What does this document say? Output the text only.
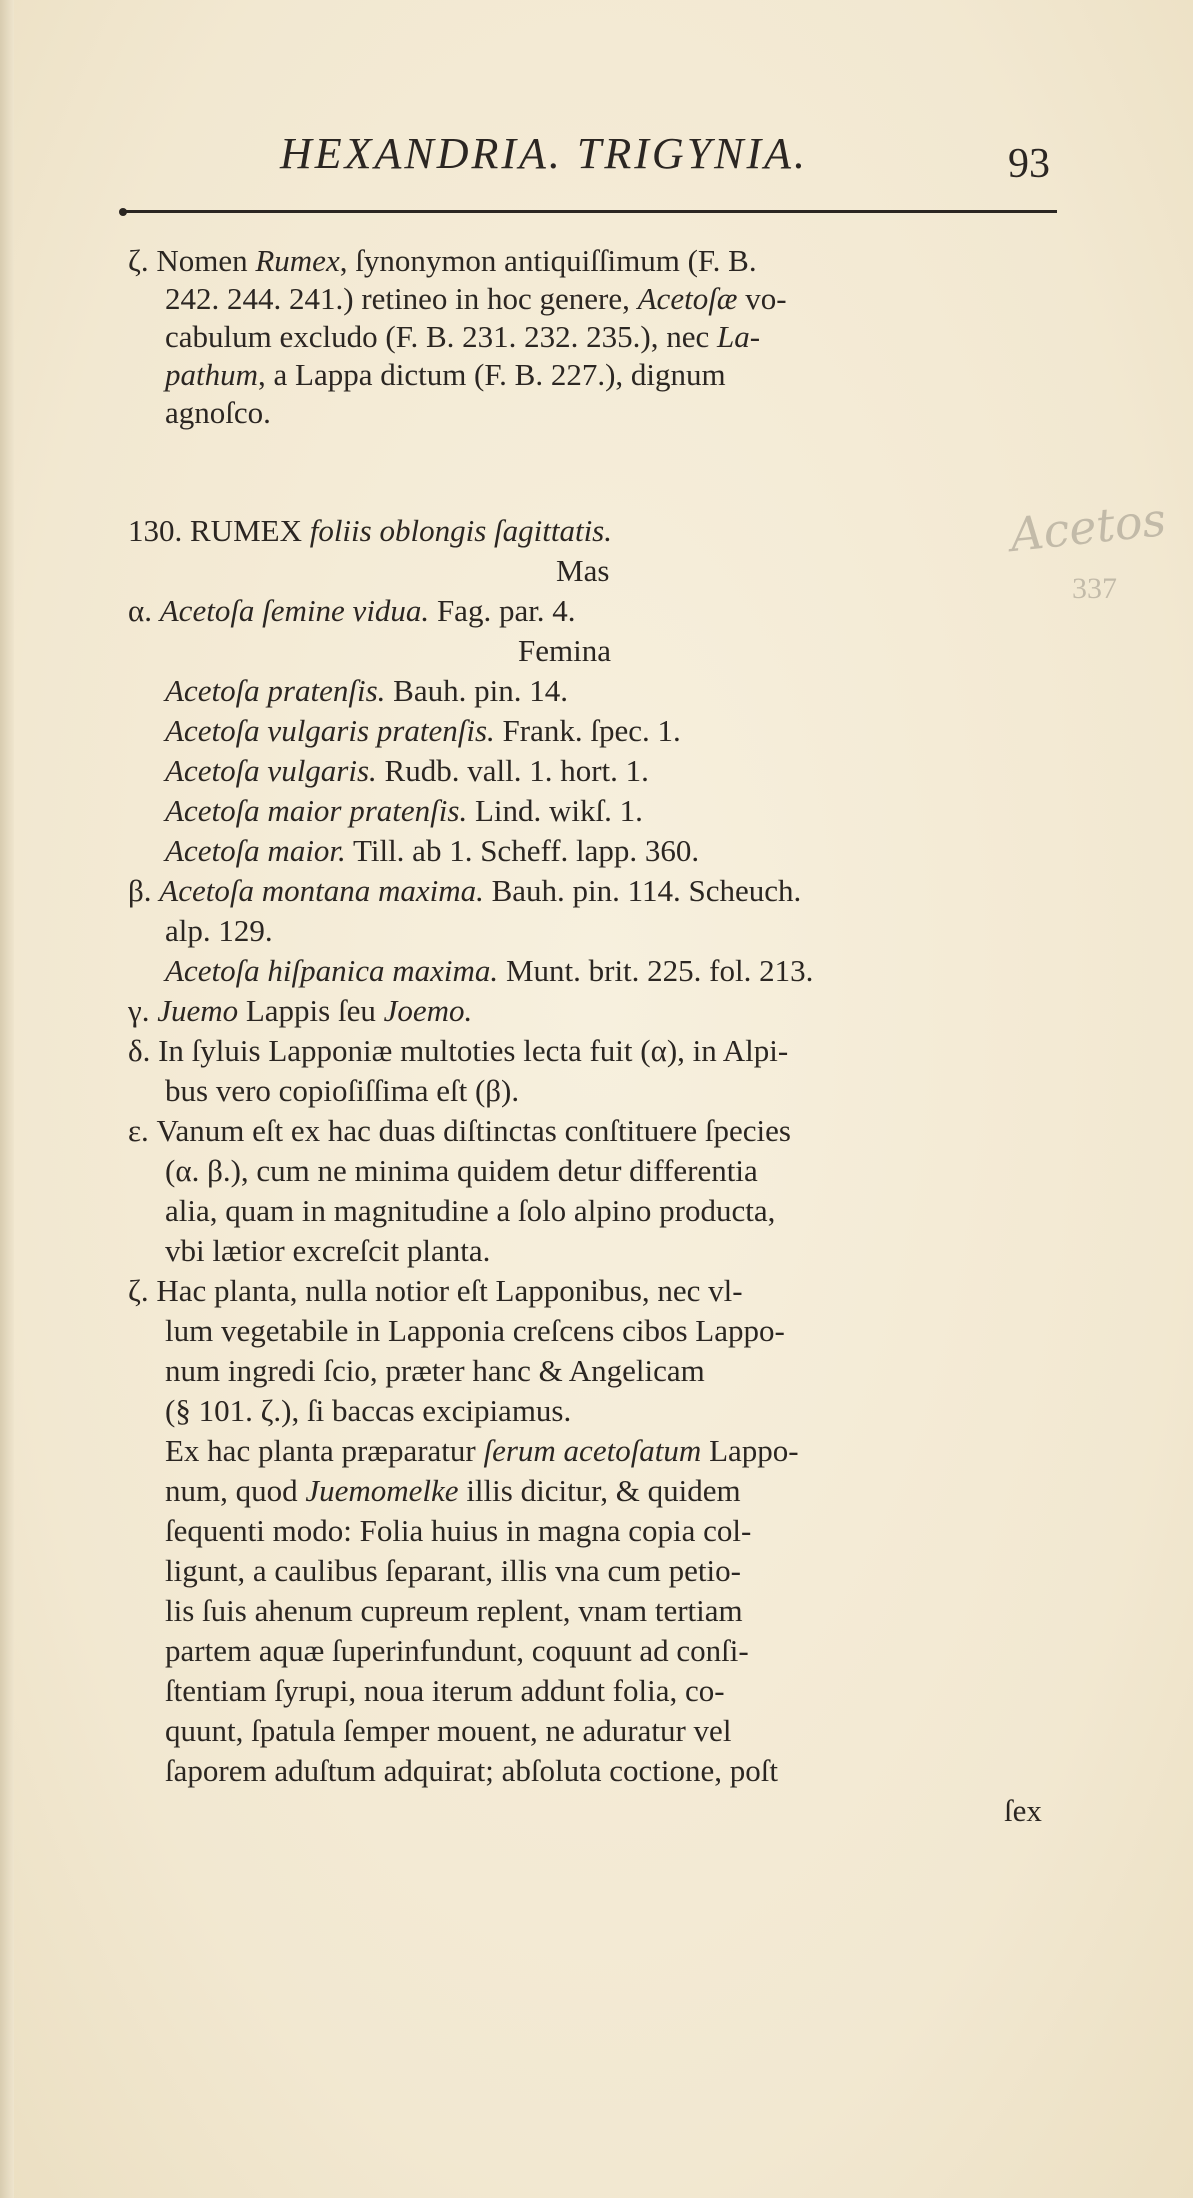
HEXANDRIA. TRIGYNIA.	93
Acetos
337
ζ. Nomen Rumex, ſynonymon antiquiſſimum (F. B.
242. 244. 241.) retineo in hoc genere, Acetoſæ vo-
cabulum excludo (F. B. 231. 232. 235.), nec La-
pathum, a Lappa dictum (F. B. 227.), dignum
agnoſco.
130. RUMEX foliis oblongis ſagittatis.
Mas
α. Acetoſa ſemine vidua. Fag. par. 4.
Femina
Acetoſa pratenſis. Bauh. pin. 14.
Acetoſa vulgaris pratenſis. Frank. ſpec. 1.
Acetoſa vulgaris. Rudb. vall. 1. hort. 1.
Acetoſa maior pratenſis. Lind. wikſ. 1.
Acetoſa maior. Till. ab 1. Scheff. lapp. 360.
β. Acetoſa montana maxima. Bauh. pin. 114. Scheuch.
alp. 129.
Acetoſa hiſpanica maxima. Munt. brit. 225. fol. 213.
γ. Juemo Lappis ſeu Joemo.
δ. In ſyluis Lapponiæ multoties lecta fuit (α), in Alpi-
bus vero copioſiſſima eſt (β).
ε. Vanum eſt ex hac duas diſtinctas conſtituere ſpecies
(α. β.), cum ne minima quidem detur differentia
alia, quam in magnitudine a ſolo alpino producta,
vbi lætior excreſcit planta.
ζ. Hac planta, nulla notior eſt Lapponibus, nec vl-
lum vegetabile in Lapponia creſcens cibos Lappo-
num ingredi ſcio, præter hanc & Angelicam
(§ 101. ζ.), ſi baccas excipiamus.
Ex hac planta præparatur ſerum acetoſatum Lappo-
num, quod Juemomelke illis dicitur, & quidem
ſequenti modo: Folia huius in magna copia col-
ligunt, a caulibus ſeparant, illis vna cum petio-
lis ſuis ahenum cupreum replent, vnam tertiam
partem aquæ ſuperinfundunt, coquunt ad conſi-
ſtentiam ſyrupi, noua iterum addunt folia, co-
quunt, ſpatula ſemper mouent, ne aduratur vel
ſaporem aduſtum adquirat; abſoluta coctione, poſt
ſex
